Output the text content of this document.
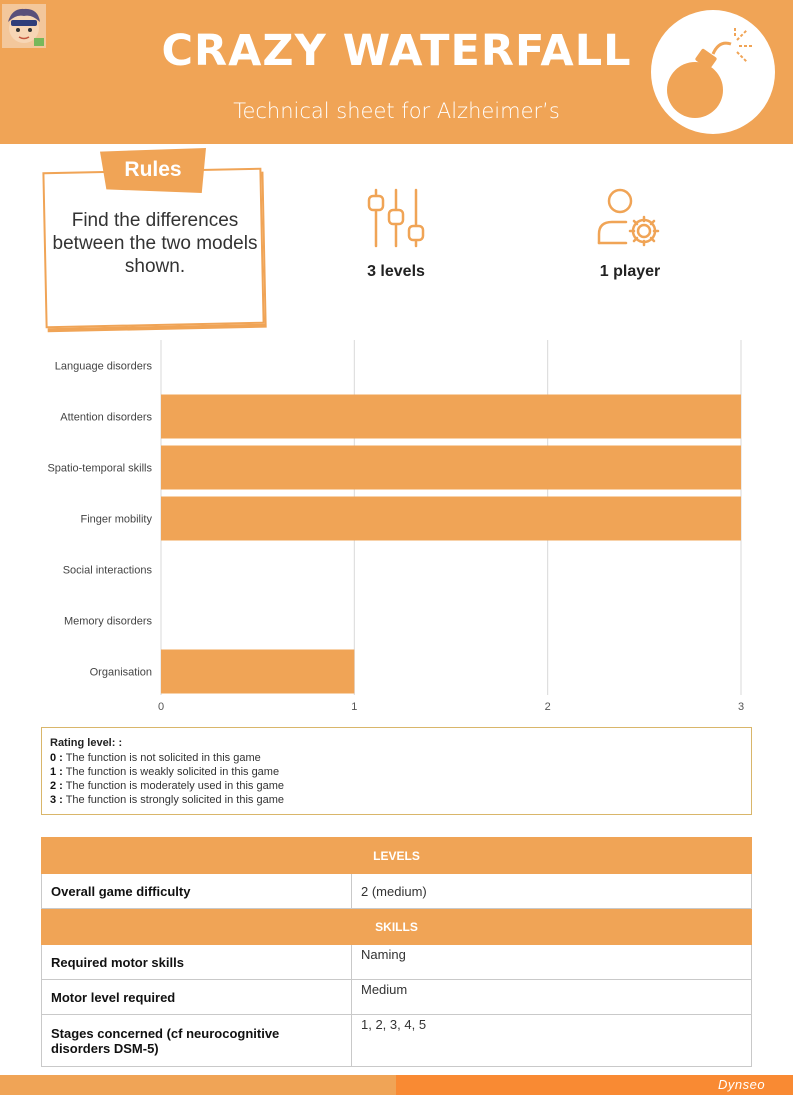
CRAZY WATERFALL
Technical sheet for Alzheimer’s
Rules
Find the differences between the two models shown.	3 levels	1 player
Language disorders
Attention disorders
Spatio-temporal skills
Finger mobility
Social interactions
Memory disorders
Organisation
0	1	2	3
Rating level: :
0 : The function is not solicited in this game
1 : The function is weakly solicited in this game
2 : The function is moderately used in this game
3 : The function is strongly solicited in this game
LEVELS	
Overall game difficulty	2 (medium)
SKILLS	
Required motor skills	Naming
Motor level required	Medium
Stages concerned (cf neurocognitive disorders DSM-5)	1, 2, 3, 4, 5
Dynseo
